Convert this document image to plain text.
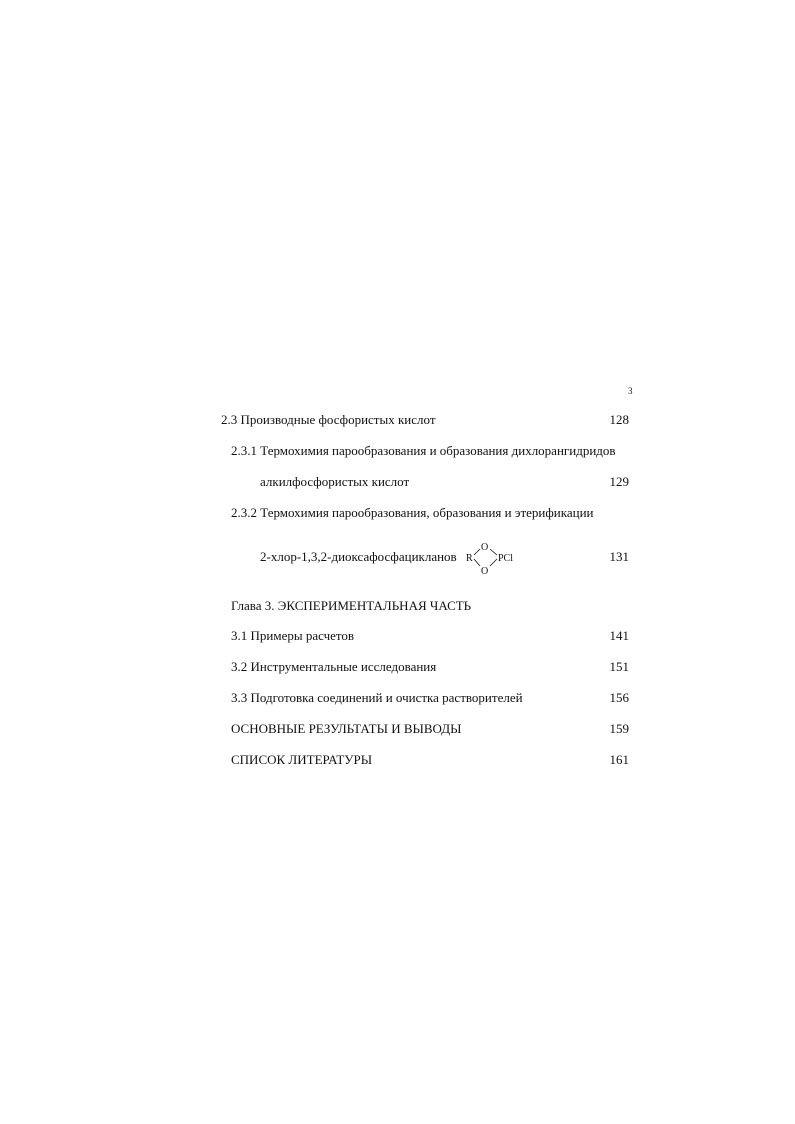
3
2.3 Производные фосфористых кислот	128
2.3.1 Термохимия парообразования и образования дихлорангидридов
алкилфосфористых кислот	129
2.3.2 Термохимия парообразования, образования и этерификации
2-хлор-1,3,2-диоксафосфацикланов	131
R
O
O
PCl
Глава 3. ЭКСПЕРИМЕНТАЛЬНАЯ ЧАСТЬ
3.1 Примеры расчетов	141
3.2 Инструментальные исследования	151
3.3 Подготовка соединений и очистка растворителей	156
ОСНОВНЫЕ РЕЗУЛЬТАТЫ И ВЫВОДЫ	159
СПИСОК ЛИТЕРАТУРЫ	161
